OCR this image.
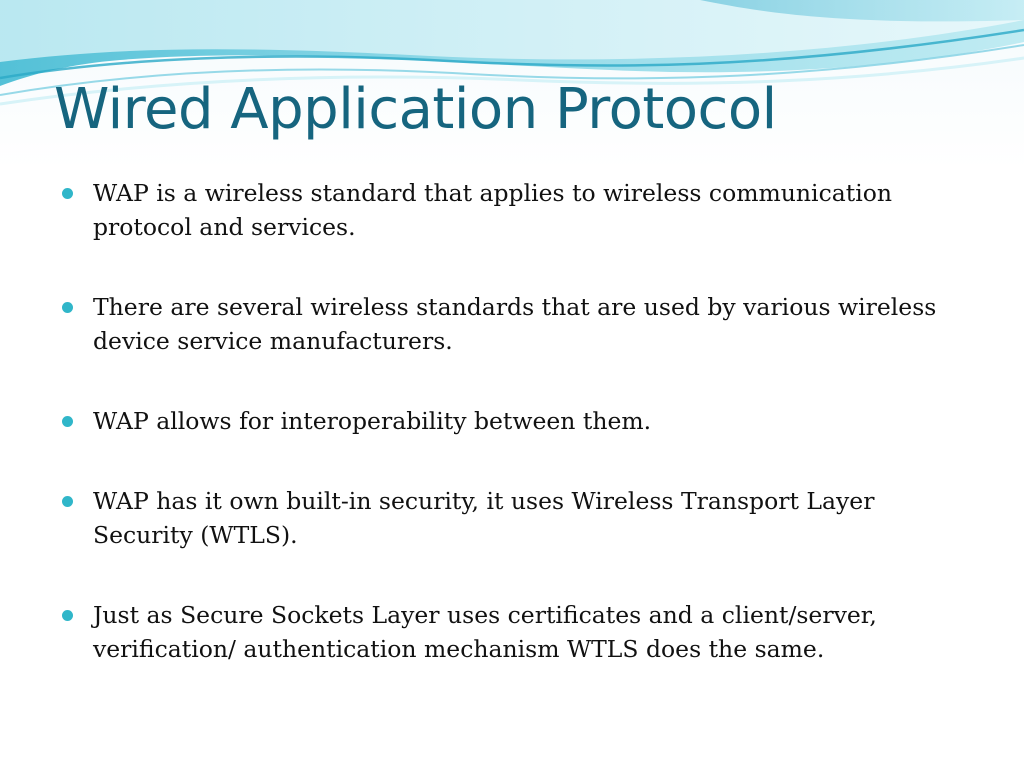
Wired Application Protocol
WAP is a wireless standard that applies to wireless communication protocol and services.
There are several wireless standards that are used by various wireless device service manufacturers.
WAP allows for interoperability between them.
WAP has it own built-in security, it uses Wireless Transport Layer Security (WTLS).
Just as Secure Sockets Layer uses certificates and a client/server, verification/ authentication mechanism WTLS does the same.
